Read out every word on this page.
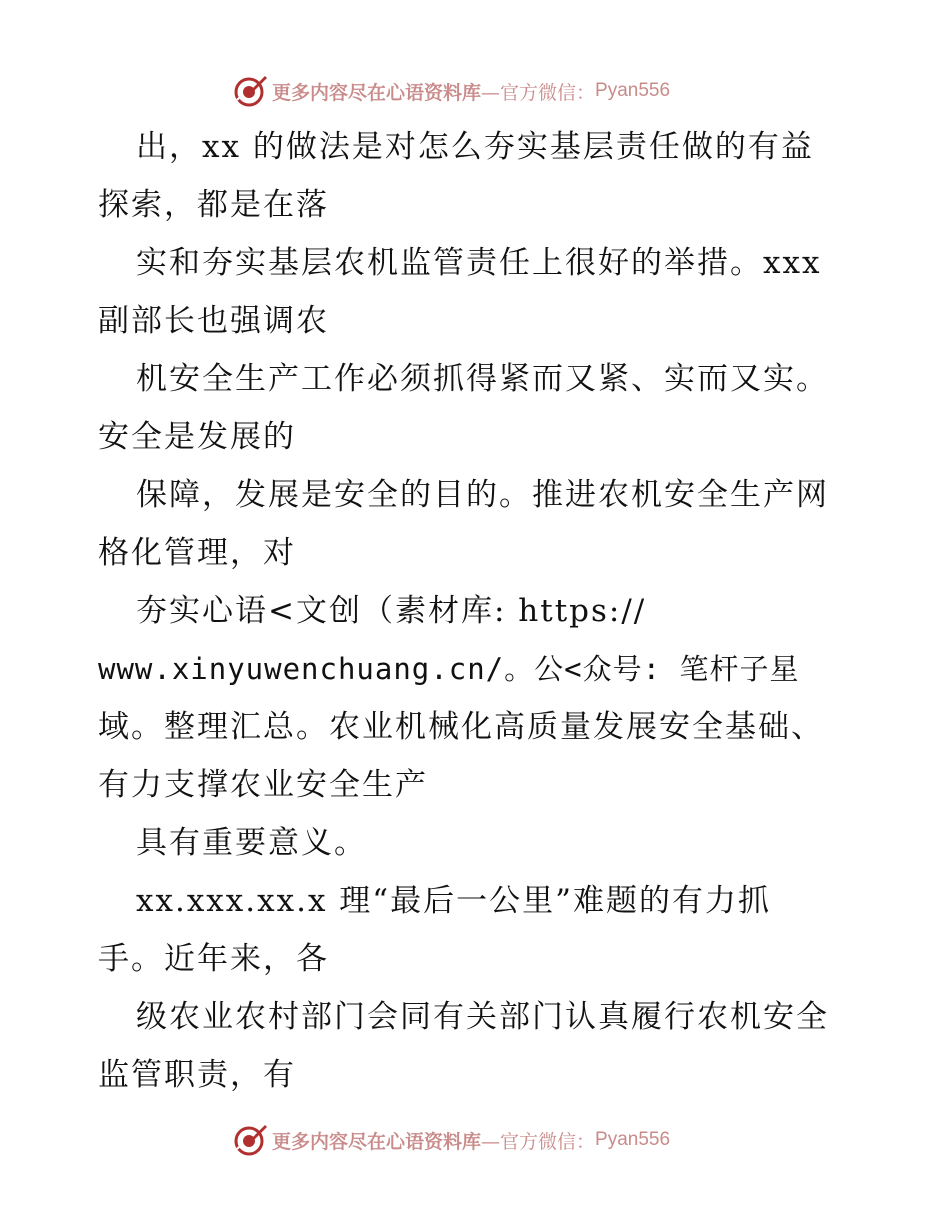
更多内容尽在心语资料库 —官方微信： Pyan556
出，xx 的做法是对怎么夯实基层责任做的有益
探索，都是在落
实和夯实基层农机监管责任上很好的举措。xxx
副部长也强调农
机安全生产工作必须抓得紧而又紧、实而又实。
安全是发展的
保障，发展是安全的目的。推进农机安全生产网
格化管理，对
夯实心语<文创（素材库: https://
www.xinyuwenchuang.cn/。公<众号: 笔杆子星
域。整理汇总。农业机械化高质量发展安全基础、
有力支撑农业安全生产
具有重要意义。
xx.xxx.xx.x 理“最后一公里”难题的有力抓
手。近年来，各
级农业农村部门会同有关部门认真履行农机安全
监管职责，有
更多内容尽在心语资料库 —官方微信： Pyan556
